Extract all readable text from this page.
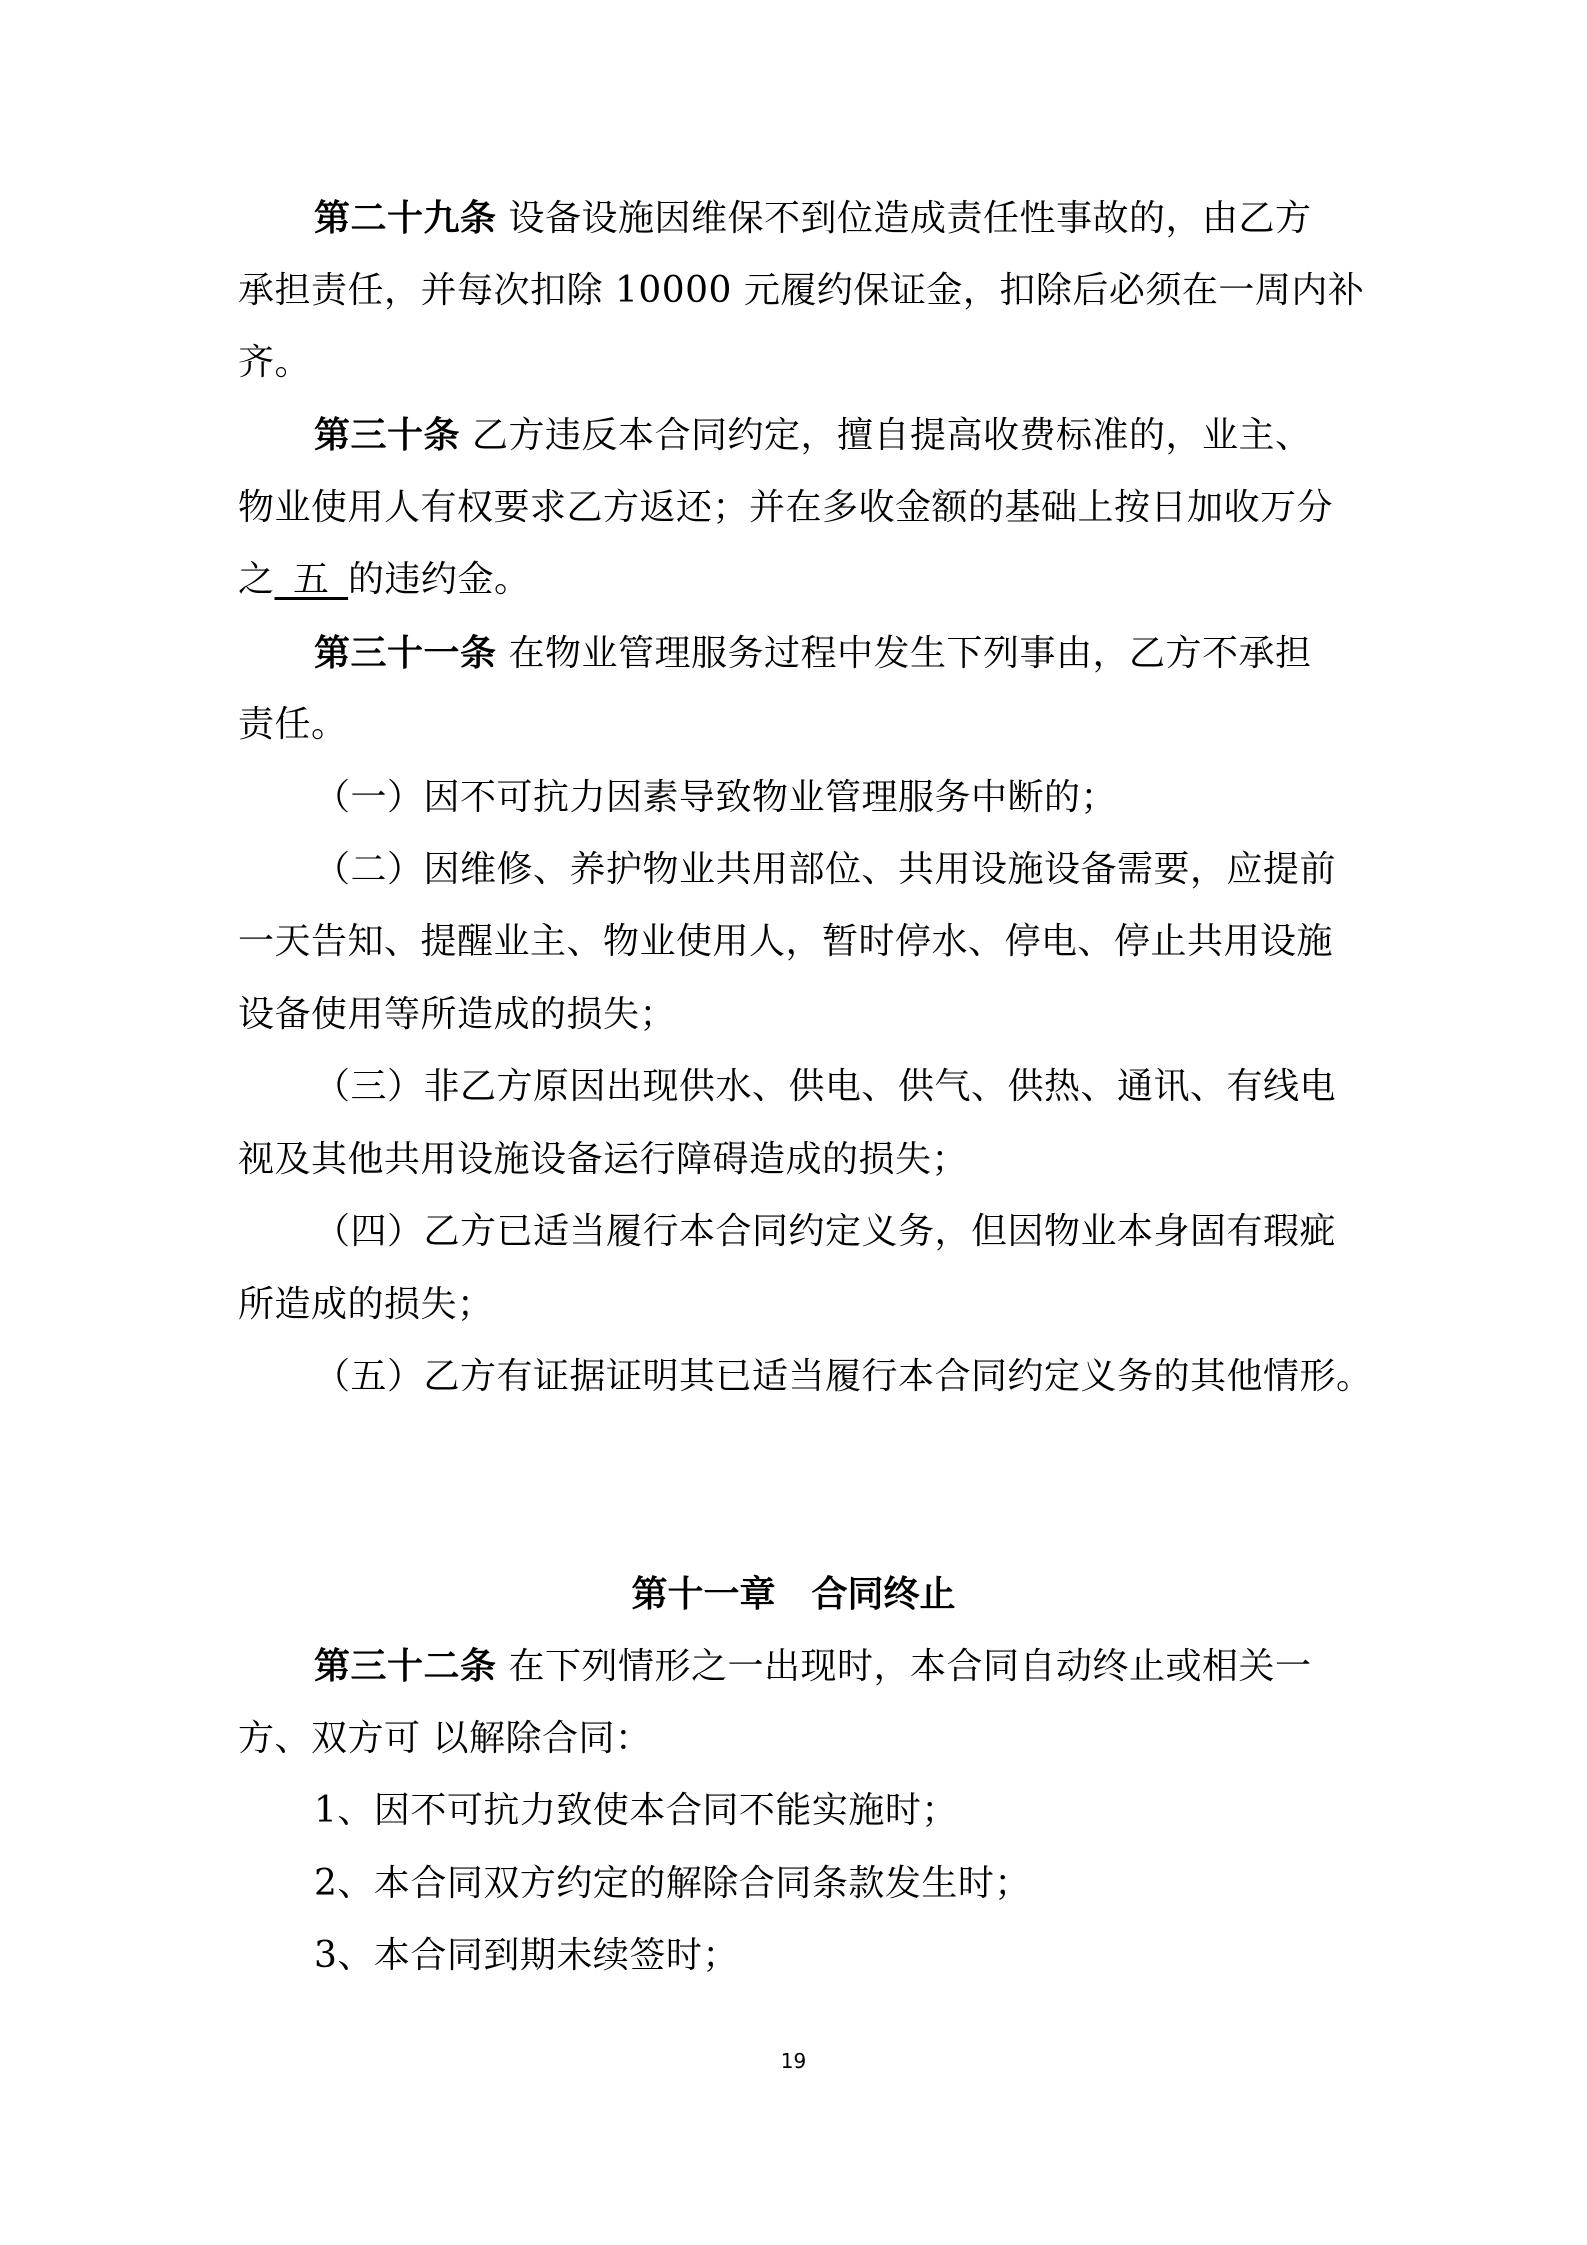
第二十九条 设备设施因维保不到位造成责任性事故的，由乙方
承担责任，并每次扣除 10000 元履约保证金，扣除后必须在一周内补
齐。
第三十条 乙方违反本合同约定，擅自提高收费标准的，业主、
物业使用人有权要求乙方返还；并在多收金额的基础上按日加收万分
之  五  的违约金。
第三十一条 在物业管理服务过程中发生下列事由，乙方不承担
责任。
（一）因不可抗力因素导致物业管理服务中断的；
（二）因维修、养护物业共用部位、共用设施设备需要，应提前
一天告知、提醒业主、物业使用人，暂时停水、停电、停止共用设施
设备使用等所造成的损失；
（三）非乙方原因出现供水、供电、供气、供热、通讯、有线电
视及其他共用设施设备运行障碍造成的损失；
（四）乙方已适当履行本合同约定义务，但因物业本身固有瑕疵
所造成的损失；
（五）乙方有证据证明其已适当履行本合同约定义务的其他情形。
第十一章　合同终止
第三十二条 在下列情形之一出现时，本合同自动终止或相关一
方、双方可 以解除合同：
1、因不可抗力致使本合同不能实施时；
2、本合同双方约定的解除合同条款发生时；
3、本合同到期未续签时；
19
